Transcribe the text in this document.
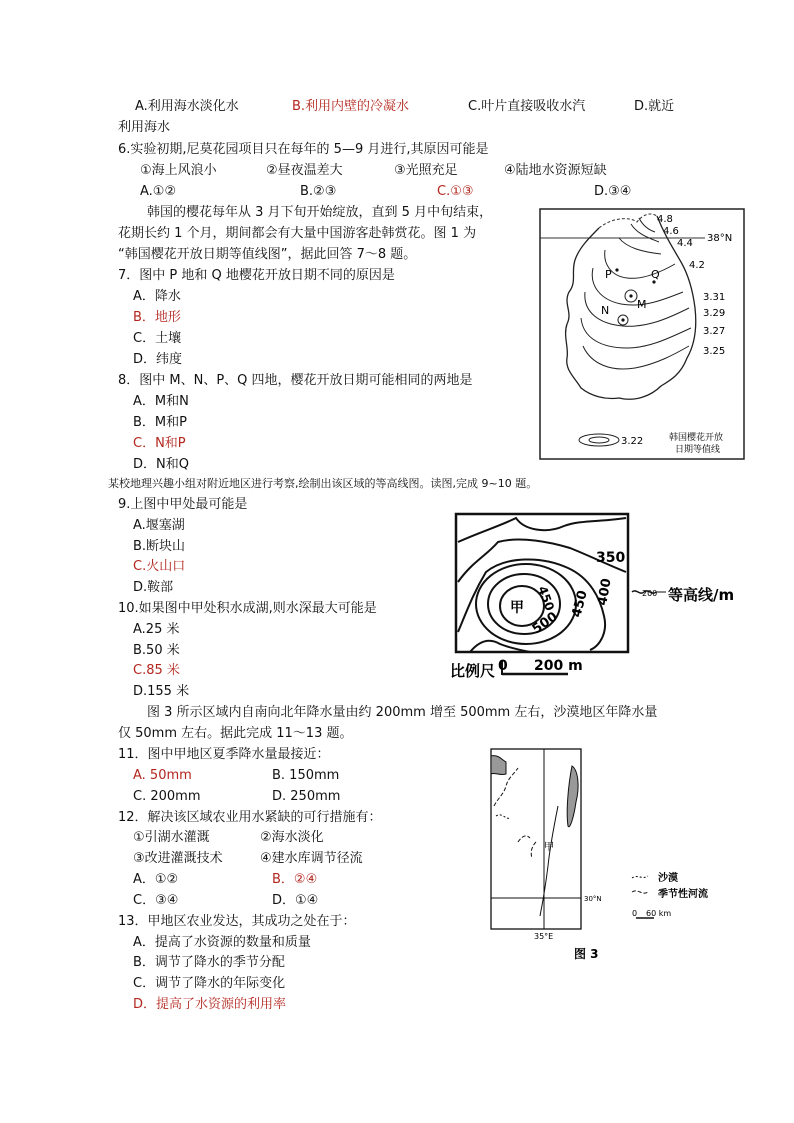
A.利用海水淡化水	B.利用内壁的冷凝水	C.叶片直接吸收水汽	D.就近
利用海水
6.实验初期,尼莫花园项目只在每年的 5—9 月进行,其原因可能是
①海上风浪小	②昼夜温差大	③光照充足	④陆地水资源短缺
A.①②	B.②③	C.①③	D.③④
韩国的樱花每年从 3 月下旬开始绽放，直到 5 月中旬结束，
花期长约 1 个月，期间都会有大量中国游客赴韩赏花。图 1 为
“韩国樱花开放日期等值线图”，据此回答 7～8 题。
7．图中 P 地和 Q 地樱花开放日期不同的原因是
A．降水
B．地形
C．土壤
D．纬度
8．图中 M、N、P、Q 四地，樱花开放日期可能相同的两地是
A．M和N
B．M和P
C．N和P
D．N和Q
4.8
4.6
4.4 38°N
4.2
3.31
3.29
3.27
3.25
3.22
P	Q
M
N
韩国樱花开放
日期等值线
某校地理兴趣小组对附近地区进行考察,绘制出该区域的等高线图。读图,完成 9~10 题。
9.上图中甲处最可能是
A.堰塞湖
B.断块山
C.火山口
D.鞍部
10.如果图中甲处积水成湖,则水深最大可能是
A.25 米
B.50 米
C.85 米
D.155 米
350
400
450
450
500
甲
200 等高线/m
比例尺 0 200 m
图 3 所示区域内自南向北年降水量由约 200mm 增至 500mm 左右，沙漠地区年降水量
仅 50mm 左右。据此完成 11～13 题。
11．图中甲地区夏季降水量最接近：
A. 50mm	B. 150mm
C. 200mm	D. 250mm
12．解决该区域农业用水紧缺的可行措施有：
①引湖水灌溉	②海水淡化
③改进灌溉技术	④建水库调节径流
A．①②	B．②④
C．③④	D．①④
13．甲地区农业发达，其成功之处在于：
A．提高了水资源的数量和质量
B．调节了降水的季节分配
C．调节了降水的年际变化
D．提高了水资源的利用率
甲
30°N
35°E
沙漠
季节性河流
0 60 km
图 3
